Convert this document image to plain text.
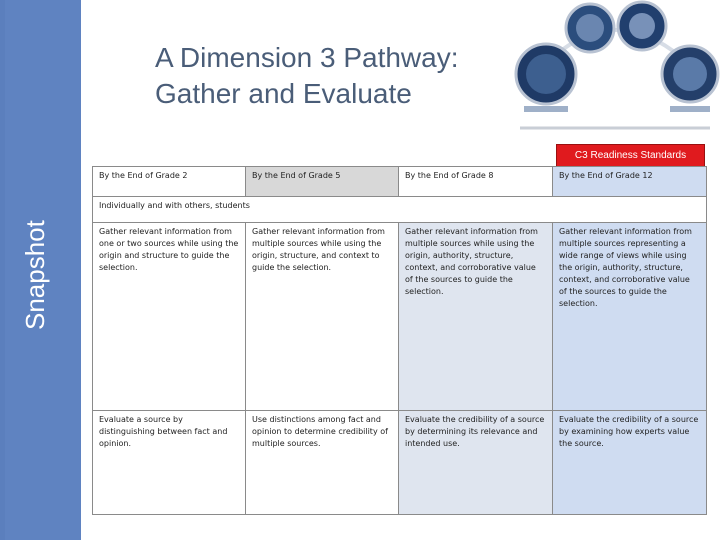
Snapshot
A Dimension 3 Pathway:
Gather and Evaluate
C3 Readiness Standards
By the End of Grade 2	By the End of Grade 5	By the End of Grade 8	By the End of Grade 12
Individually and with others, students			
Gather relevant information from one or two sources while using the origin and structure to guide the selection.	Gather relevant information from multiple sources while using the origin, structure, and context to guide the selection.	Gather relevant information from multiple sources while using the origin, authority, structure, context, and corroborative value of the sources to guide the selection.	Gather relevant information from multiple sources representing a wide range of views while using the origin, authority, structure, context, and corroborative value of the sources to guide the selection.
Evaluate a source by distinguishing between fact and opinion.	Use distinctions among fact and opinion to determine credibility of multiple sources.	Evaluate the credibility of a source by determining its relevance and intended use.	Evaluate the credibility of a source by examining how experts value the source.
